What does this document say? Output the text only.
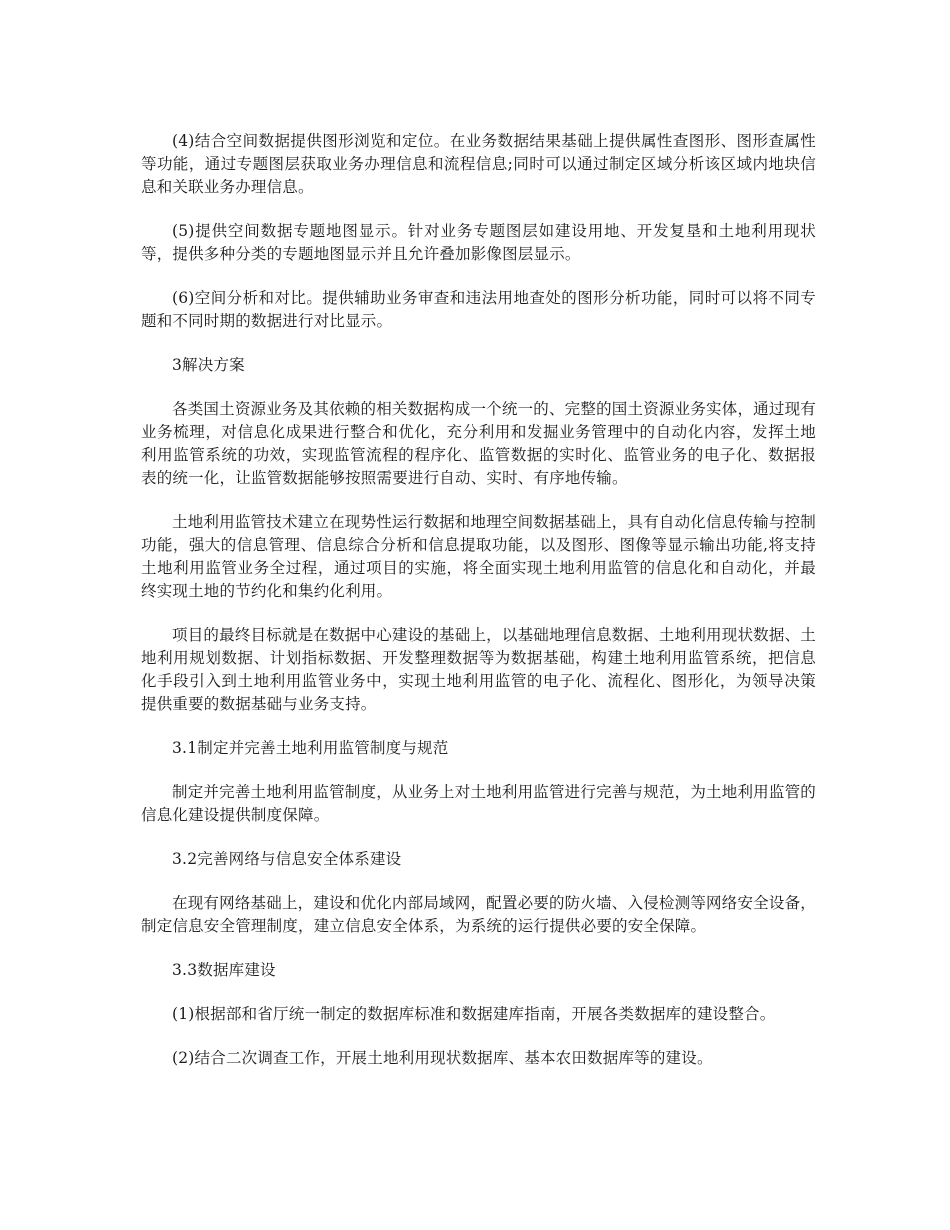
(4)结合空间数据提供图形浏览和定位。在业务数据结果基础上提供属性查图形、图形查属性等功能，通过专题图层获取业务办理信息和流程信息;同时可以通过制定区域分析该区域内地块信息和关联业务办理信息。

(5)提供空间数据专题地图显示。针对业务专题图层如建设用地、开发复垦和土地利用现状等，提供多种分类的专题地图显示并且允许叠加影像图层显示。

(6)空间分析和对比。提供辅助业务审查和违法用地查处的图形分析功能，同时可以将不同专题和不同时期的数据进行对比显示。

3解决方案

各类国土资源业务及其依赖的相关数据构成一个统一的、完整的国土资源业务实体，通过现有业务梳理，对信息化成果进行整合和优化，充分利用和发掘业务管理中的自动化内容，发挥土地利用监管系统的功效，实现监管流程的程序化、监管数据的实时化、监管业务的电子化、数据报表的统一化，让监管数据能够按照需要进行自动、实时、有序地传输。

土地利用监管技术建立在现势性运行数据和地理空间数据基础上，具有自动化信息传输与控制功能，强大的信息管理、信息综合分析和信息提取功能，以及图形、图像等显示输出功能,将支持土地利用监管业务全过程，通过项目的实施，将全面实现土地利用监管的信息化和自动化，并最终实现土地的节约化和集约化利用。

项目的最终目标就是在数据中心建设的基础上，以基础地理信息数据、土地利用现状数据、土地利用规划数据、计划指标数据、开发整理数据等为数据基础，构建土地利用监管系统，把信息化手段引入到土地利用监管业务中，实现土地利用监管的电子化、流程化、图形化，为领导决策提供重要的数据基础与业务支持。

3.1制定并完善土地利用监管制度与规范

制定并完善土地利用监管制度，从业务上对土地利用监管进行完善与规范，为土地利用监管的信息化建设提供制度保障。

3.2完善网络与信息安全体系建设

在现有网络基础上，建设和优化内部局域网，配置必要的防火墙、入侵检测等网络安全设备，制定信息安全管理制度，建立信息安全体系，为系统的运行提供必要的安全保障。

3.3数据库建设

(1)根据部和省厅统一制定的数据库标准和数据建库指南，开展各类数据库的建设整合。

(2)结合二次调查工作，开展土地利用现状数据库、基本农田数据库等的建设。
